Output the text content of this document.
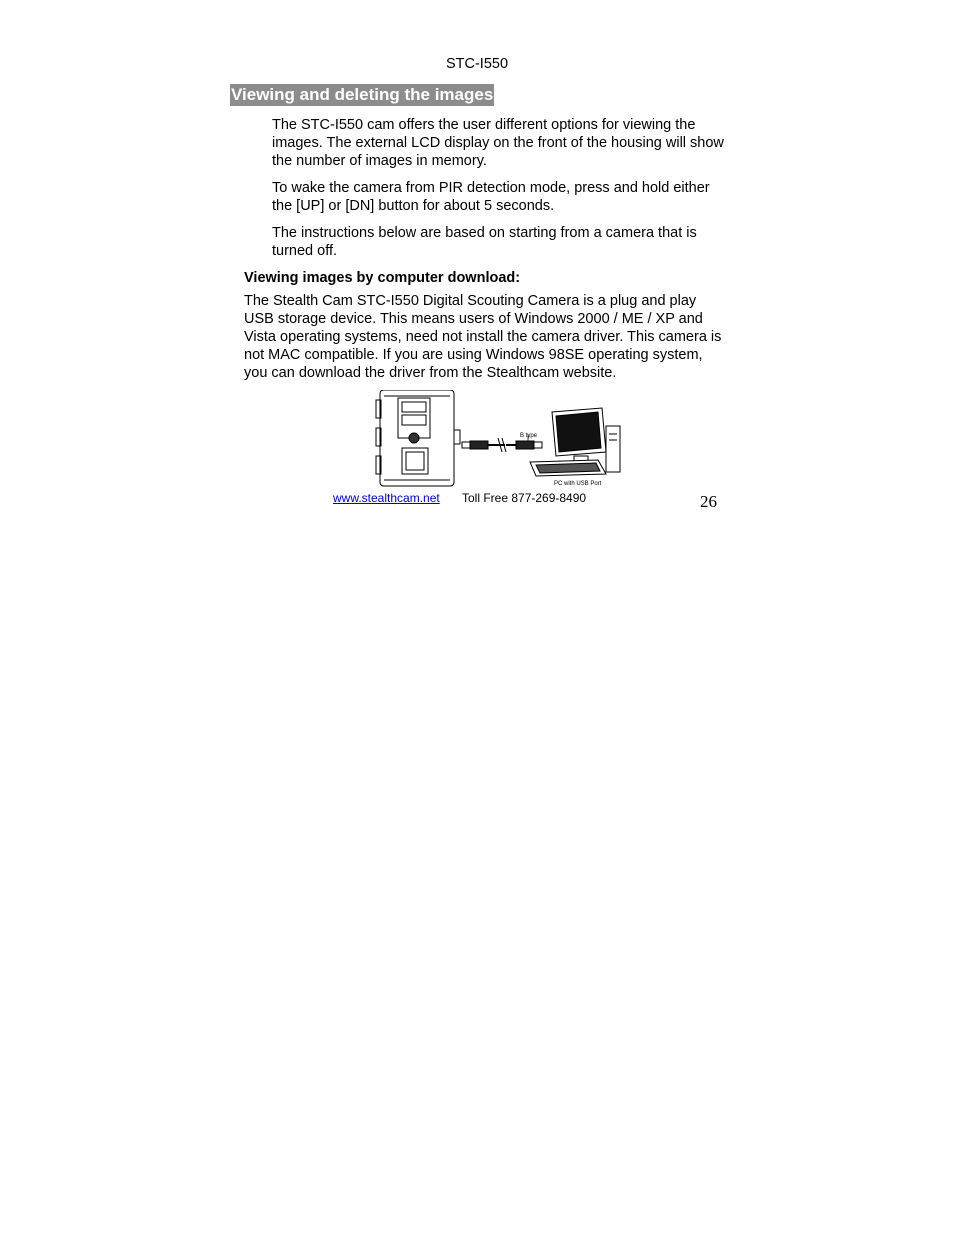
STC-I550
Viewing and deleting the images
The STC-I550 cam offers the user different options for viewing the images. The external LCD display on the front of the housing will show the number of images in memory.
To wake the camera from PIR detection mode, press and hold either the [UP] or [DN] button for about 5 seconds.
The instructions below are based on starting from a camera that is turned off.
Viewing images by computer download:
The Stealth Cam STC-I550 Digital Scouting Camera is a plug and play USB storage device. This means users of Windows 2000 / ME / XP and Vista operating systems, need not install the camera driver. This camera is not MAC compatible. If you are using Windows 98SE operating system, you can download the driver from the Stealthcam website.
B type
PC with USB Port
www.stealthcam.net Toll Free 877-269-8490	26
